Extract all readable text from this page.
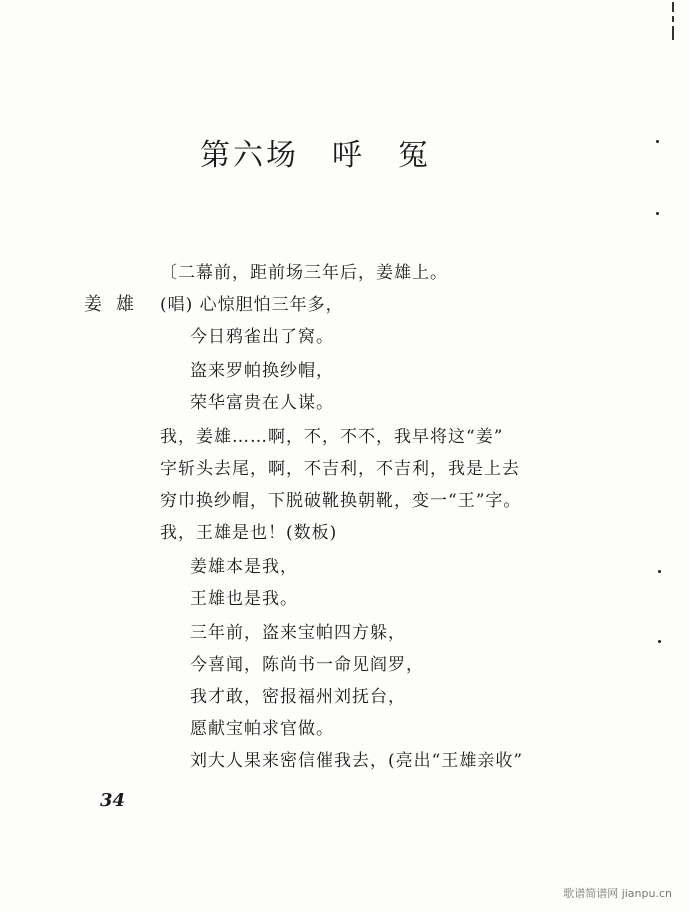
第六场　呼　冤
〔二幕前，距前场三年后，姜雄上。
姜雄 (唱) 心惊胆怕三年多，
今日鸦雀出了窝。
盗来罗帕换纱帽，
荣华富贵在人谋。
我，姜雄……啊，不，不不，我早将这“姜”
字斩头去尾，啊，不吉利，不吉利，我是上去
穷巾换纱帽，下脱破靴换朝靴，变一“王”字。
我，王雄是也！(数板)
姜雄本是我，
王雄也是我。
三年前，盗来宝帕四方躲，
今喜闻，陈尚书一命见阎罗，
我才敢，密报福州刘抚台，
愿献宝帕求官做。
刘大人果来密信催我去，(亮出“王雄亲收”
34
歌谱简谱网 jianpu.cn
